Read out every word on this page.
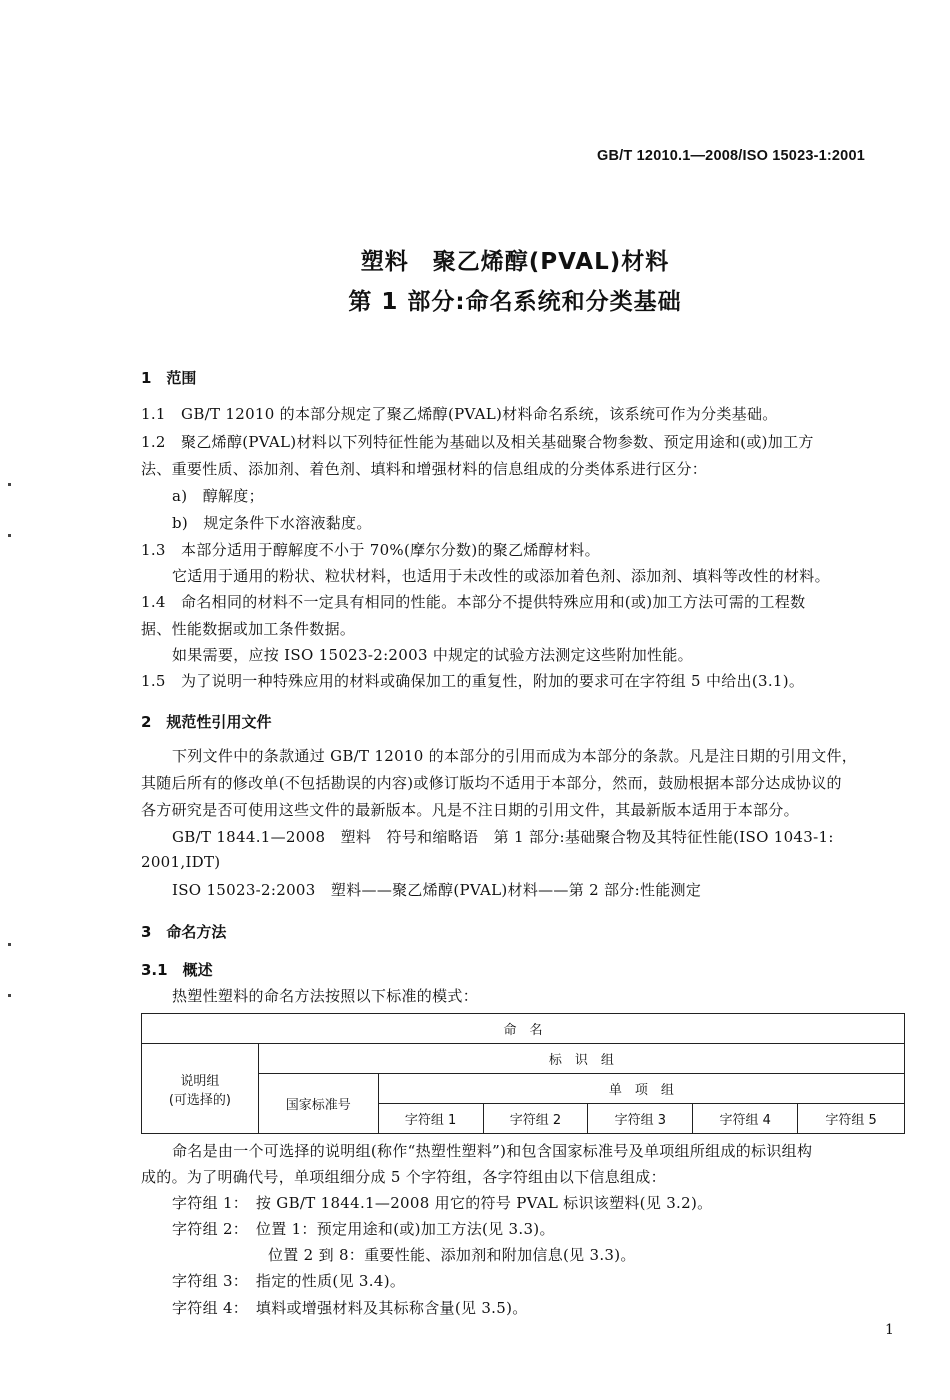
GB/T 12010.1—2008/ISO 15023-1:2001
塑料　聚乙烯醇(PVAL)材料
第 1 部分:命名系统和分类基础
1　范围
1.1　GB/T 12010 的本部分规定了聚乙烯醇(PVAL)材料命名系统，该系统可作为分类基础。
1.2　聚乙烯醇(PVAL)材料以下列特征性能为基础以及相关基础聚合物参数、预定用途和(或)加工方
法、重要性质、添加剂、着色剂、填料和增强材料的信息组成的分类体系进行区分：
a)　醇解度；
b)　规定条件下水溶液黏度。
1.3　本部分适用于醇解度不小于 70%(摩尔分数)的聚乙烯醇材料。
它适用于通用的粉状、粒状材料，也适用于未改性的或添加着色剂、添加剂、填料等改性的材料。
1.4　命名相同的材料不一定具有相同的性能。本部分不提供特殊应用和(或)加工方法可需的工程数
据、性能数据或加工条件数据。
如果需要，应按 ISO 15023-2:2003 中规定的试验方法测定这些附加性能。
1.5　为了说明一种特殊应用的材料或确保加工的重复性，附加的要求可在字符组 5 中给出(3.1)。
2　规范性引用文件
下列文件中的条款通过 GB/T 12010 的本部分的引用而成为本部分的条款。凡是注日期的引用文件，
其随后所有的修改单(不包括勘误的内容)或修订版均不适用于本部分，然而，鼓励根据本部分达成协议的
各方研究是否可使用这些文件的最新版本。凡是不注日期的引用文件，其最新版本适用于本部分。
GB/T 1844.1—2008　塑料　符号和缩略语　第 1 部分:基础聚合物及其特征性能(ISO 1043-1:
2001,IDT)
ISO 15023-2:2003　塑料——聚乙烯醇(PVAL)材料——第 2 部分:性能测定
3　命名方法
3.1　概述
热塑性塑料的命名方法按照以下标准的模式：
命　名						

说明组
(可选择的)	标　识　组					
	国家标准号	单　项　组				
		字符组 1	字符组 2	字符组 3	字符组 4	字符组 5
命名是由一个可选择的说明组(称作“热塑性塑料”)和包含国家标准号及单项组所组成的标识组构
成的。为了明确代号，单项组细分成 5 个字符组，各字符组由以下信息组成：
字符组 1：　按 GB/T 1844.1—2008 用它的符号 PVAL 标识该塑料(见 3.2)。
字符组 2：　位置 1：预定用途和(或)加工方法(见 3.3)。
位置 2 到 8：重要性能、添加剂和附加信息(见 3.3)。
字符组 3：　指定的性质(见 3.4)。
字符组 4：　填料或增强材料及其标称含量(见 3.5)。
1
